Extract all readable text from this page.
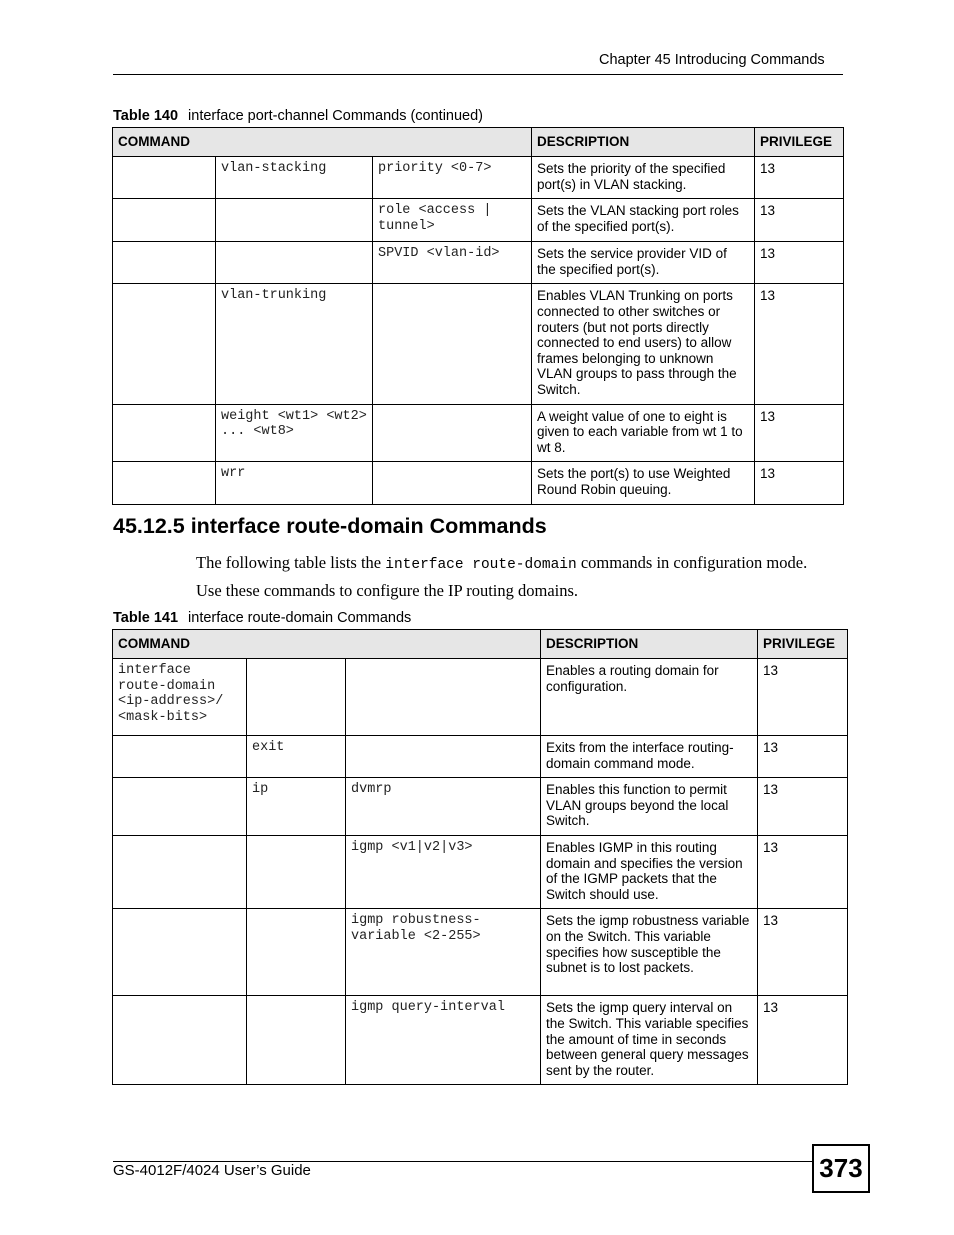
Chapter 45 Introducing Commands
Table 140 interface port-channel Commands (continued)
COMMAND			DESCRIPTION	PRIVILEGE
	vlan-stacking	priority <0-7>	Sets the priority of the specified port(s) in VLAN stacking.	13
		role <access | tunnel>	Sets the VLAN stacking port roles of the specified port(s).	13
		SPVID <vlan-id>	Sets the service provider VID of the specified port(s).	13
	vlan-trunking		Enables VLAN Trunking on ports connected to other switches or routers (but not ports directly connected to end users) to allow frames belonging to unknown VLAN groups to pass through the Switch.	13
	weight <wt1> <wt2> ... <wt8>		A weight value of one to eight is given to each variable from wt 1 to wt 8.	13
	wrr		Sets the port(s) to use Weighted Round Robin queuing.	13
45.12.5 interface route-domain Commands
The following table lists the interface route-domain commands in configuration mode.
Use these commands to configure the IP routing domains.
Table 141 interface route-domain Commands
COMMAND			DESCRIPTION	PRIVILEGE
interface route-domain <ip-address>/ <mask-bits>			Enables a routing domain for configuration.	13
	exit		Exits from the interface routing-domain command mode.	13
	ip	dvmrp	Enables this function to permit VLAN groups beyond the local Switch.	13
		igmp <v1|v2|v3>	Enables IGMP in this routing domain and specifies the version of the IGMP packets that the Switch should use.	13
		igmp robustness-variable <2-255>	Sets the igmp robustness variable on the Switch. This variable specifies how susceptible the subnet is to lost packets.	13
		igmp query-interval	Sets the igmp query interval on the Switch. This variable specifies the amount of time in seconds between general query messages sent by the router.	13
GS-4012F/4024 User’s Guide	373
